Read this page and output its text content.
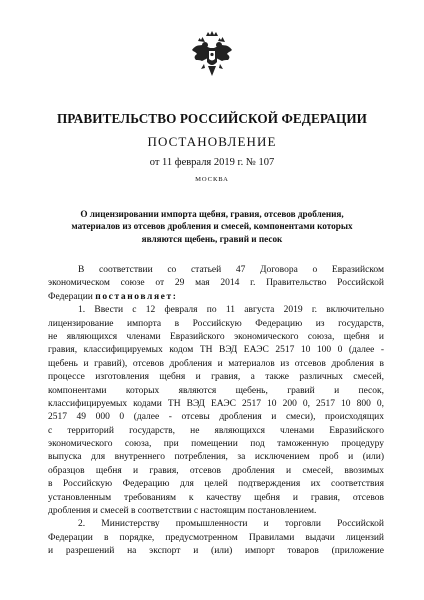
ПРАВИТЕЛЬСТВО РОССИЙСКОЙ ФЕДЕРАЦИИ
ПОСТАНОВЛЕНИЕ
от 11 февраля 2019 г. № 107
МОСКВА
О лицензировании импорта щебня, гравия, отсевов дробления,
материалов из отсевов дробления и смесей, компонентами которых
являются щебень, гравий и песок
В соответствии со статьей 47 Договора о Евразийском
экономическом союзе от 29 мая 2014 г. Правительство Российской
Федерации постановляет:
1. Ввести с 12 февраля по 11 августа 2019 г. включительно
лицензирование импорта в Российскую Федерацию из государств,
не являющихся членами Евразийского экономического союза, щебня и
гравия, классифицируемых кодом ТН ВЭД ЕАЭС 2517 10 100 0 (далее -
щебень и гравий), отсевов дробления и материалов из отсевов дробления в
процессе изготовления щебня и гравия, а также различных смесей,
компонентами которых являются щебень, гравий и песок,
классифицируемых кодами ТН ВЭД ЕАЭС 2517 10 200 0, 2517 10 800 0,
2517 49 000 0 (далее - отсевы дробления и смеси), происходящих
с территорий государств, не являющихся членами Евразийского
экономического союза, при помещении под таможенную процедуру
выпуска для внутреннего потребления, за исключением проб и (или)
образцов щебня и гравия, отсевов дробления и смесей, ввозимых
в Российскую Федерацию для целей подтверждения их соответствия
установленным требованиям к качеству щебня и гравия, отсевов
дробления и смесей в соответствии с настоящим постановлением.
2. Министерству промышленности и торговли Российской
Федерации в порядке, предусмотренном Правилами выдачи лицензий
и разрешений на экспорт и (или) импорт товаров (приложение
